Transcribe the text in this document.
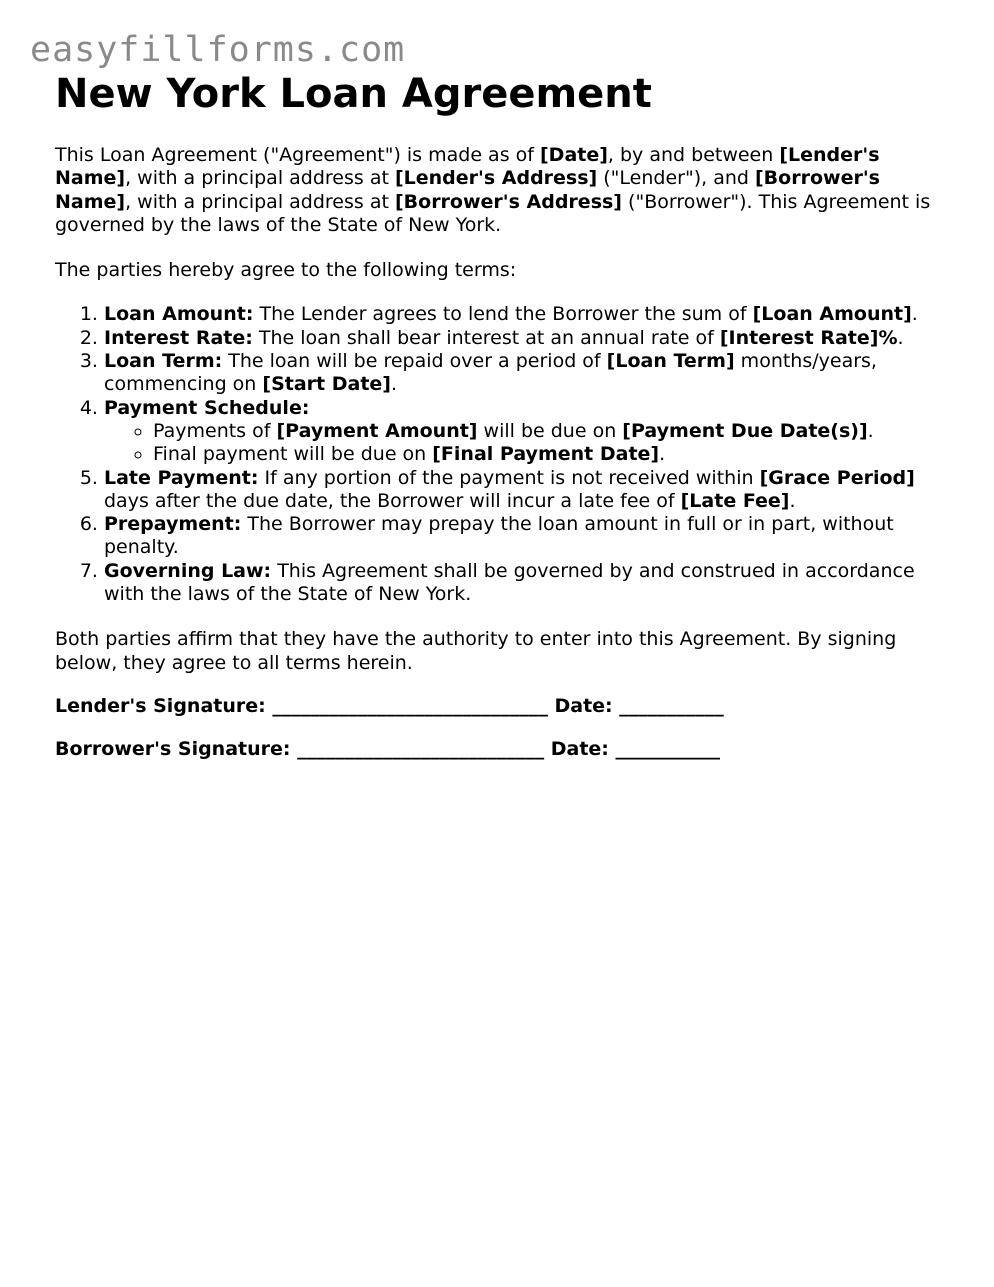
easyfillforms.com
New York Loan Agreement

This Loan Agreement ("Agreement") is made as of [Date], by and between [Lender's Name], with a principal address at [Lender's Address] ("Lender"), and [Borrower's Name], with a principal address at [Borrower's Address] ("Borrower"). This Agreement is governed by the laws of the State of New York.

The parties hereby agree to the following terms:

1. Loan Amount: The Lender agrees to lend the Borrower the sum of [Loan Amount].
2. Interest Rate: The loan shall bear interest at an annual rate of [Interest Rate]%.
3. Loan Term: The loan will be repaid over a period of [Loan Term] months/years, commencing on [Start Date].
4. Payment Schedule:
◦ Payments of [Payment Amount] will be due on [Payment Due Date(s)].
◦ Final payment will be due on [Final Payment Date].
5. Late Payment: If any portion of the payment is not received within [Grace Period] days after the due date, the Borrower will incur a late fee of [Late Fee].
6. Prepayment: The Borrower may prepay the loan amount in full or in part, without penalty.
7. Governing Law: This Agreement shall be governed by and construed in accordance with the laws of the State of New York.

Both parties affirm that they have the authority to enter into this Agreement. By signing below, they agree to all terms herein.

Lender's Signature: _____________________________ Date: ___________

Borrower's Signature: __________________________ Date: ___________
